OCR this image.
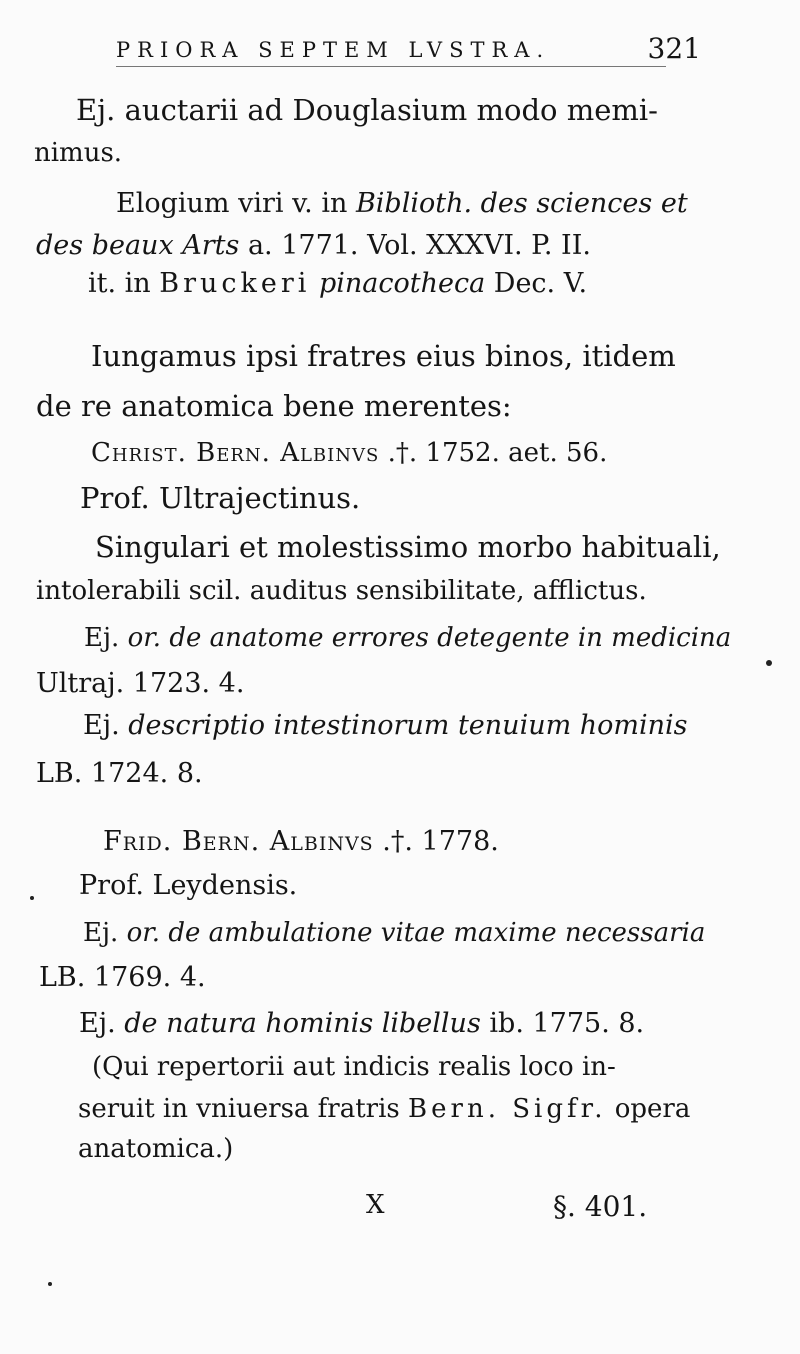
PRIORA SEPTEM LVSTRA.	321
Ej. auctarii ad Douglasium modo memi-
nimus.
Elogium viri v. in Biblioth. des sciences et
des beaux Arts a. 1771. Vol. XXXVI. P. II.
it. in Bruckeri pinacotheca Dec. V.
Iungamus ipsi fratres eius binos, itidem
de re anatomica bene merentes:
Christ. Bern. Albinvs .†. 1752. aet. 56.
Prof. Ultrajectinus.
Singulari et molestissimo morbo habituali,
intolerabili scil. auditus sensibilitate, afflictus.
Ej. or. de anatome errores detegente in medicina
Ultraj. 1723. 4.
Ej. descriptio intestinorum tenuium hominis
LB. 1724. 8.
Frid. Bern. Albinvs .†. 1778.
Prof. Leydensis.
Ej. or. de ambulatione vitae maxime necessaria
LB. 1769. 4.
Ej. de natura hominis libellus ib. 1775. 8.
(Qui repertorii aut indicis realis loco in-
seruit in vniuersa fratris Bern. Sigfr. opera
anatomica.)
X	§. 401.
